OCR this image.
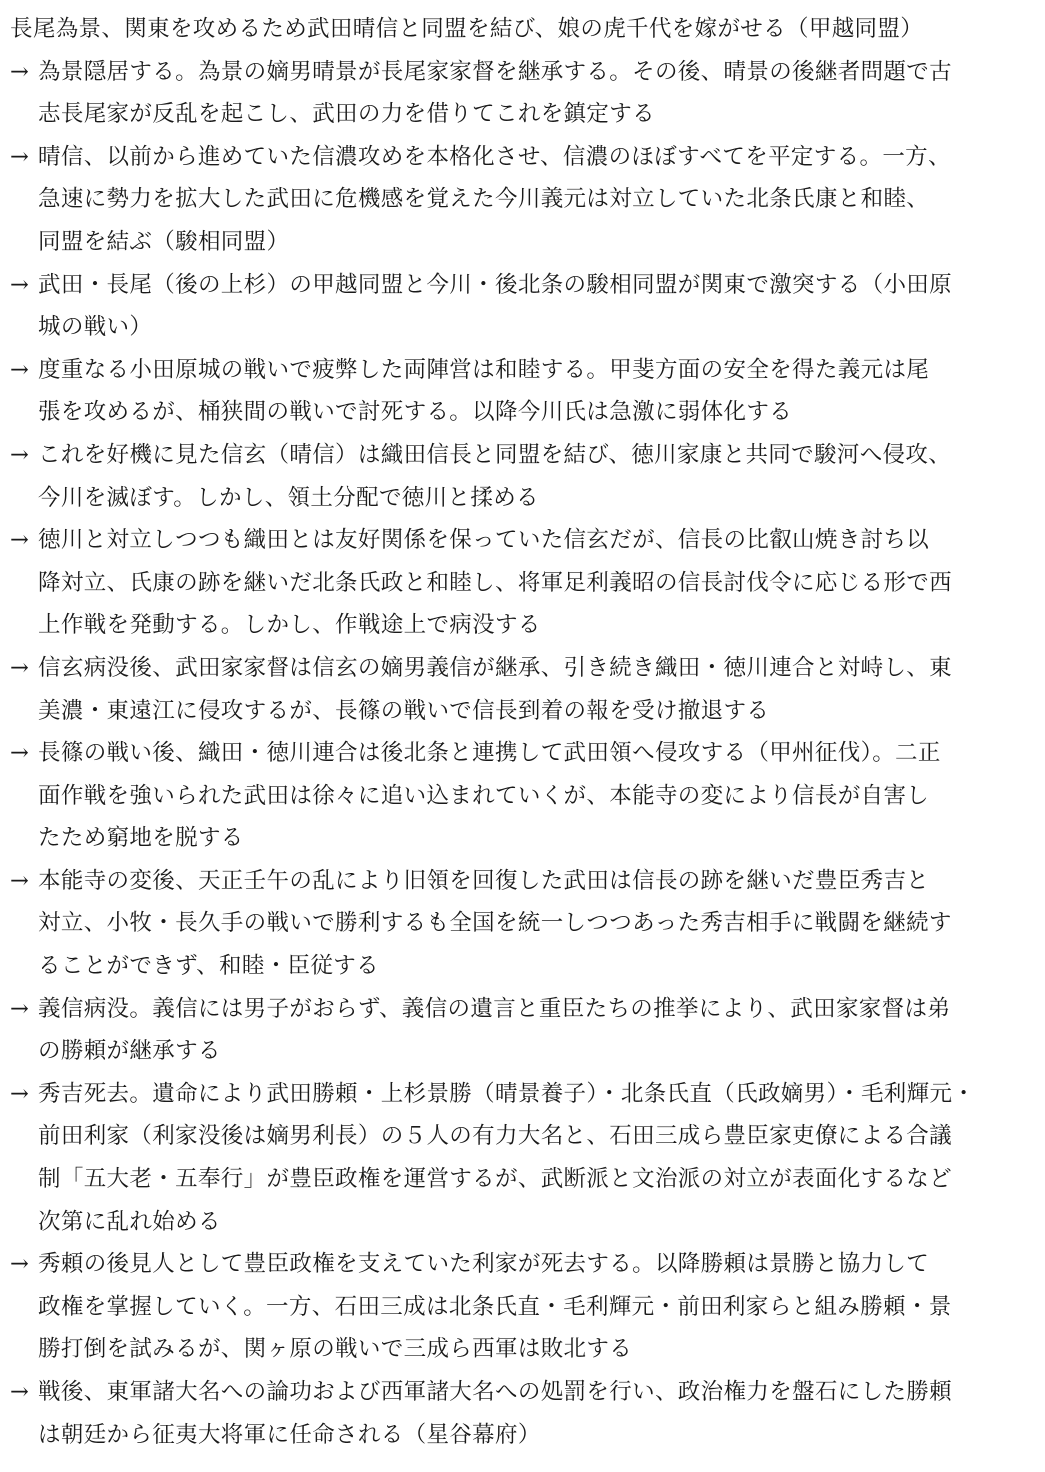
長尾為景、関東を攻めるため武田晴信と同盟を結び、娘の虎千代を嫁がせる（甲越同盟）

→ 為景隠居する。為景の嫡男晴景が長尾家家督を継承する。その後、晴景の後継者問題で古

志長尾家が反乱を起こし、武田の力を借りてこれを鎮定する

→ 晴信、以前から進めていた信濃攻めを本格化させ、信濃のほぼすべてを平定する。一方、

急速に勢力を拡大した武田に危機感を覚えた今川義元は対立していた北条氏康と和睦、

同盟を結ぶ（駿相同盟）

→ 武田・長尾（後の上杉）の甲越同盟と今川・後北条の駿相同盟が関東で激突する（小田原

城の戦い）

→ 度重なる小田原城の戦いで疲弊した両陣営は和睦する。甲斐方面の安全を得た義元は尾

張を攻めるが、桶狭間の戦いで討死する。以降今川氏は急激に弱体化する

→ これを好機に見た信玄（晴信）は織田信長と同盟を結び、徳川家康と共同で駿河へ侵攻、

今川を滅ぼす。しかし、領土分配で徳川と揉める

→ 徳川と対立しつつも織田とは友好関係を保っていた信玄だが、信長の比叡山焼き討ち以

降対立、氏康の跡を継いだ北条氏政と和睦し、将軍足利義昭の信長討伐令に応じる形で西

上作戦を発動する。しかし、作戦途上で病没する

→ 信玄病没後、武田家家督は信玄の嫡男義信が継承、引き続き織田・徳川連合と対峙し、東

美濃・東遠江に侵攻するが、長篠の戦いで信長到着の報を受け撤退する

→ 長篠の戦い後、織田・徳川連合は後北条と連携して武田領へ侵攻する（甲州征伐）。二正

面作戦を強いられた武田は徐々に追い込まれていくが、本能寺の変により信長が自害し

たため窮地を脱する

→ 本能寺の変後、天正壬午の乱により旧領を回復した武田は信長の跡を継いだ豊臣秀吉と

対立、小牧・長久手の戦いで勝利するも全国を統一しつつあった秀吉相手に戦闘を継続す

ることができず、和睦・臣従する

→ 義信病没。義信には男子がおらず、義信の遺言と重臣たちの推挙により、武田家家督は弟

の勝頼が継承する

→ 秀吉死去。遺命により武田勝頼・上杉景勝（晴景養子）・北条氏直（氏政嫡男）・毛利輝元・

前田利家（利家没後は嫡男利長）の５人の有力大名と、石田三成ら豊臣家吏僚による合議

制「五大老・五奉行」が豊臣政権を運営するが、武断派と文治派の対立が表面化するなど

次第に乱れ始める

→ 秀頼の後見人として豊臣政権を支えていた利家が死去する。以降勝頼は景勝と協力して

政権を掌握していく。一方、石田三成は北条氏直・毛利輝元・前田利家らと組み勝頼・景

勝打倒を試みるが、関ヶ原の戦いで三成ら西軍は敗北する

→ 戦後、東軍諸大名への論功および西軍諸大名への処罰を行い、政治権力を盤石にした勝頼

は朝廷から征夷大将軍に任命される（星谷幕府）
